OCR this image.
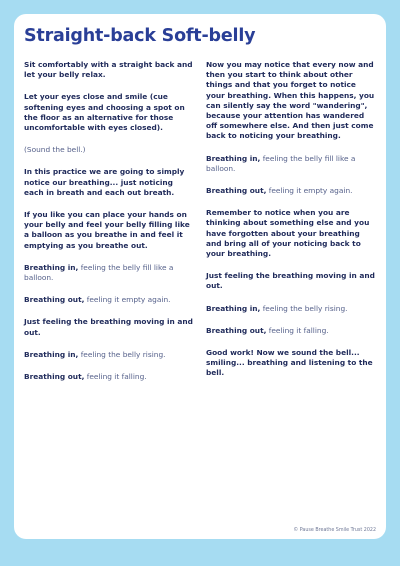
Straight-back Soft-belly

Sit comfortably with a straight back and let your belly relax.

Let your eyes close and smile (cue softening eyes and choosing a spot on the floor as an alternative for those uncomfortable with eyes closed).

(Sound the bell.)

In this practice we are going to simply notice our breathing... just noticing each in breath and each out breath.

If you like you can place your hands on your belly and feel your belly filling like a balloon as you breathe in and feel it emptying as you breathe out.

Breathing in, feeling the belly fill like a balloon.

Breathing out, feeling it empty again.

Just feeling the breathing moving in and out.

Breathing in, feeling the belly rising.

Breathing out, feeling it falling.

Now you may notice that every now and then you start to think about other things and that you forget to notice your breathing. When this happens, you can silently say the word "wandering", because your attention has wandered off somewhere else. And then just come back to noticing your breathing.

Breathing in, feeling the belly fill like a balloon.

Breathing out, feeling it empty again.

Remember to notice when you are thinking about something else and you have forgotten about your breathing and bring all of your noticing back to your breathing.

Just feeling the breathing moving in and out.

Breathing in, feeling the belly rising.

Breathing out, feeling it falling.

Good work! Now we sound the bell... smiling... breathing and listening to the bell.

© Pause Breathe Smile Trust 2022
